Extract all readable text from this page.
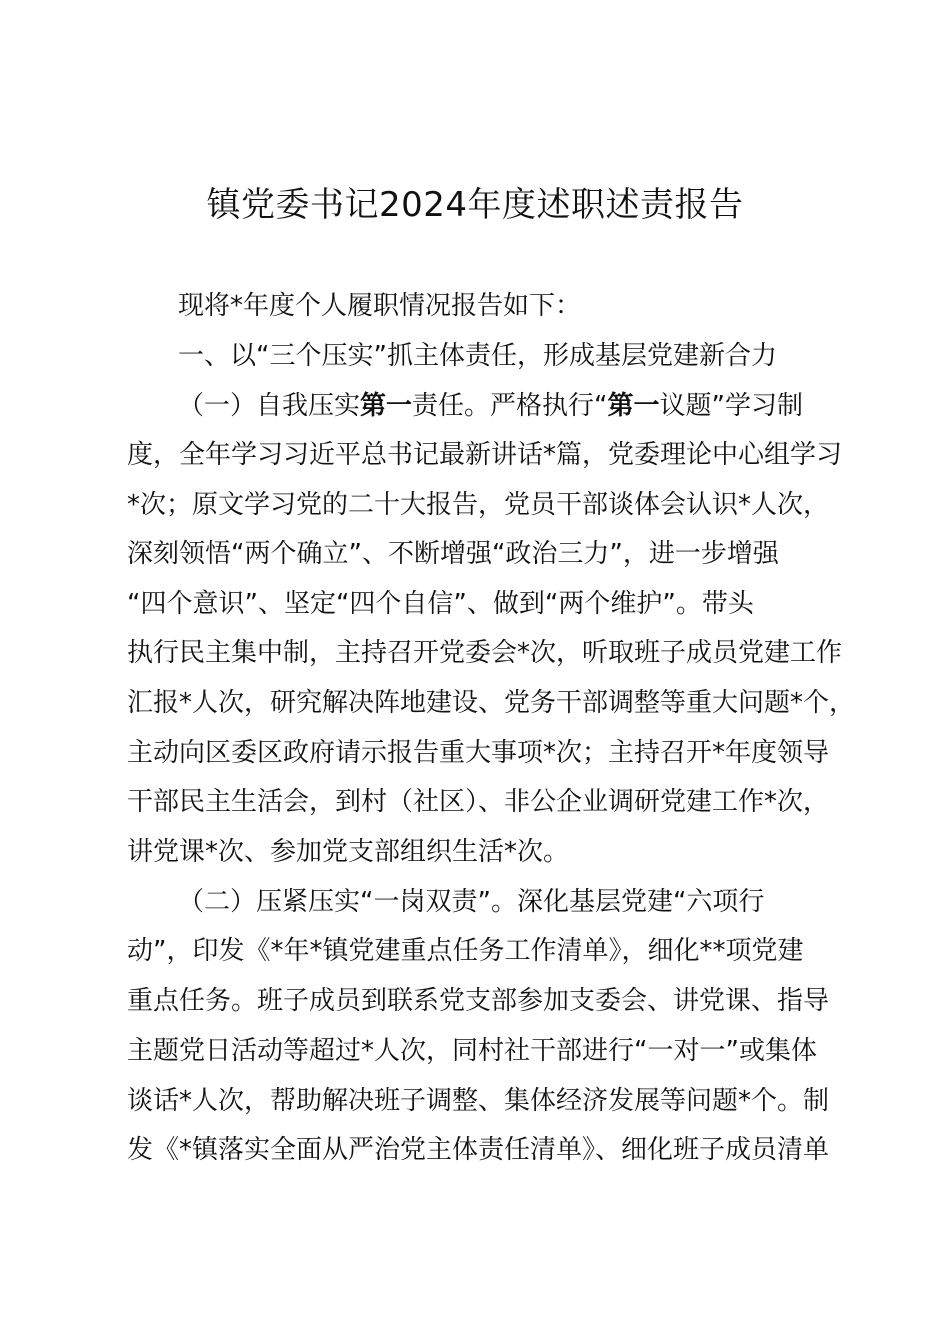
镇党委书记2024年度述职述责报告
现将*年度个人履职情况报告如下：
一、以“三个压实”抓主体责任，形成基层党建新合力
（一）自我压实第一责任。严格执行“第一议题”学习制
度，全年学习习近平总书记最新讲话*篇，党委理论中心组学习
*次；原文学习党的二十大报告，党员干部谈体会认识*人次，
深刻领悟“两个确立”、不断增强“政治三力”，进一步增强
“四个意识”、坚定“四个自信”、做到“两个维护”。带头
执行民主集中制，主持召开党委会*次，听取班子成员党建工作
汇报*人次，研究解决阵地建设、党务干部调整等重大问题*个，
主动向区委区政府请示报告重大事项*次；主持召开*年度领导
干部民主生活会，到村（社区）、非公企业调研党建工作*次，
讲党课*次、参加党支部组织生活*次。
（二）压紧压实“一岗双责”。深化基层党建“六项行
动”，印发《*年*镇党建重点任务工作清单》，细化**项党建
重点任务。班子成员到联系党支部参加支委会、讲党课、指导
主题党日活动等超过*人次，同村社干部进行“一对一”或集体
谈话*人次，帮助解决班子调整、集体经济发展等问题*个。制
发《*镇落实全面从严治党主体责任清单》、细化班子成员清单
